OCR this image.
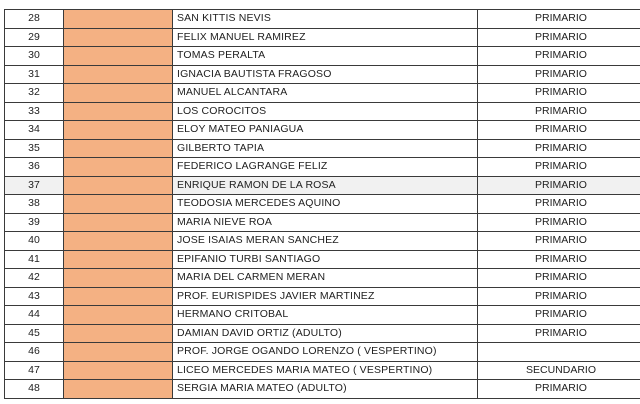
28		SAN KITTIS NEVIS	PRIMARIO
29		FELIX MANUEL RAMIREZ	PRIMARIO
30		TOMAS PERALTA	PRIMARIO
31		IGNACIA BAUTISTA FRAGOSO	PRIMARIO
32		MANUEL ALCANTARA	PRIMARIO
33		LOS COROCITOS	PRIMARIO
34		ELOY MATEO PANIAGUA	PRIMARIO
35		GILBERTO TAPIA	PRIMARIO
36		FEDERICO LAGRANGE FELIZ	PRIMARIO
37		ENRIQUE RAMON DE LA ROSA	PRIMARIO
38		TEODOSIA MERCEDES AQUINO	PRIMARIO
39		MARIA NIEVE ROA	PRIMARIO
40		JOSE ISAIAS MERAN SANCHEZ	PRIMARIO
41		EPIFANIO TURBI SANTIAGO	PRIMARIO
42		MARIA DEL CARMEN MERAN	PRIMARIO
43		PROF. EURISPIDES JAVIER MARTINEZ	PRIMARIO
44		HERMANO CRITOBAL	PRIMARIO
45		DAMIAN DAVID ORTIZ (ADULTO)	PRIMARIO
46		PROF. JORGE OGANDO LORENZO ( VESPERTINO)	
47		LICEO MERCEDES MARIA MATEO ( VESPERTINO)	SECUNDARIO
48		SERGIA MARIA MATEO (ADULTO)	PRIMARIO
